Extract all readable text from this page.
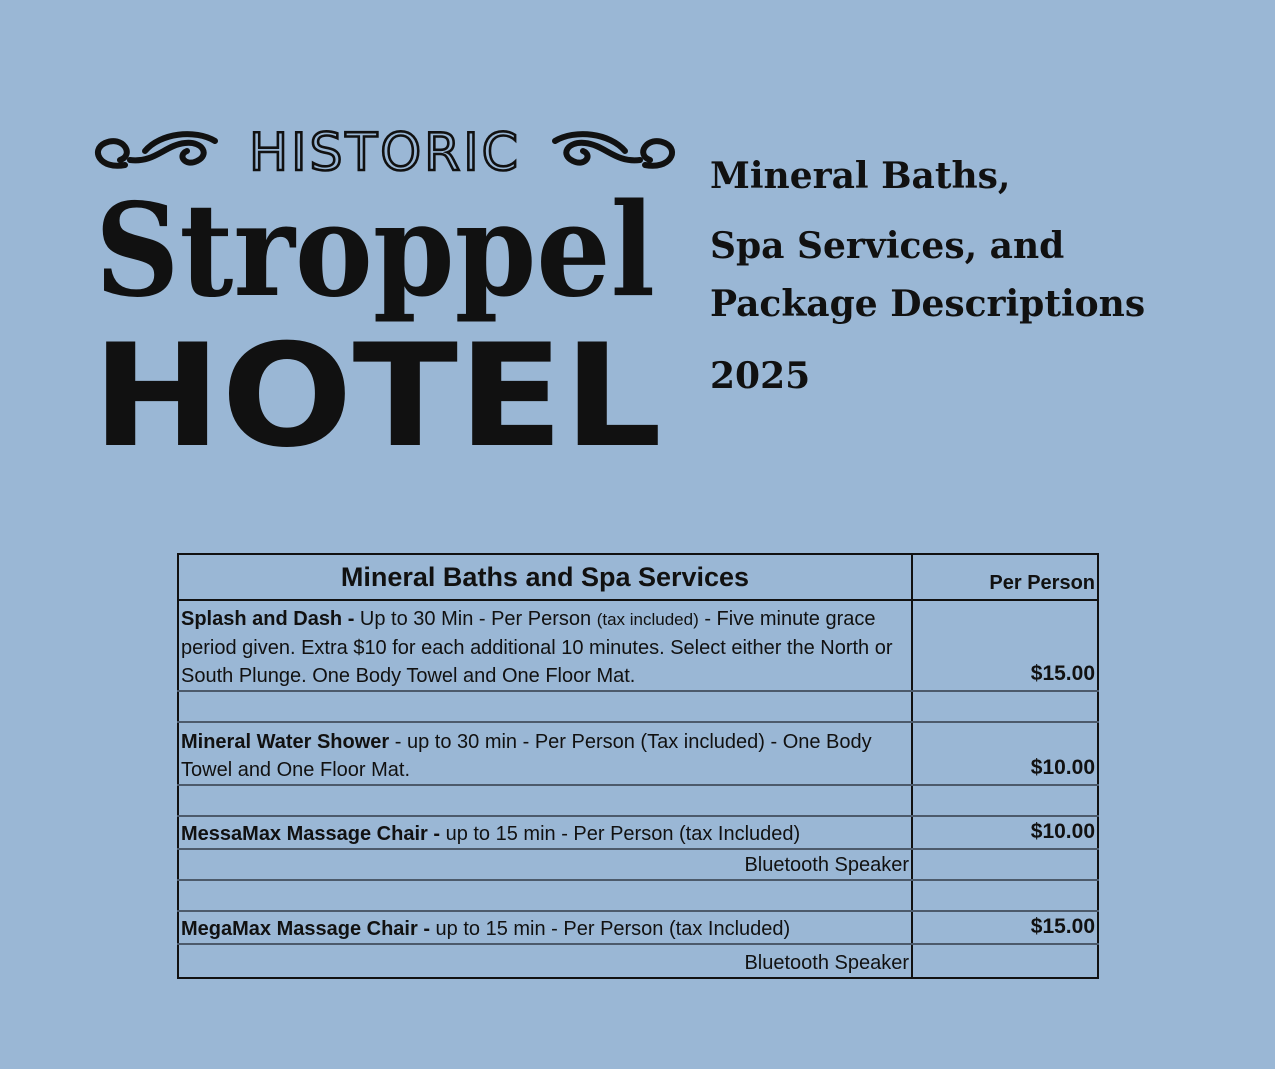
HISTORIC
Stroppel
HOTEL
Mineral Baths,
Spa Services, and
Package Descriptions
2025
Mineral Baths and Spa Services	Per Person
Splash and Dash - Up to 30 Min - Per Person (tax included) - Five minute grace period given. Extra $10 for each additional 10 minutes. Select either the North or South Plunge. One Body Towel and One Floor Mat.	$15.00

Mineral Water Shower - up to 30 min - Per Person (Tax included) - One Body Towel and One Floor Mat.	$10.00

MessaMax Massage Chair - up to 15 min - Per Person (tax Included)	$10.00
Bluetooth Speaker	

MegaMax Massage Chair - up to 15 min - Per Person (tax Included)	$15.00
Bluetooth Speaker	
